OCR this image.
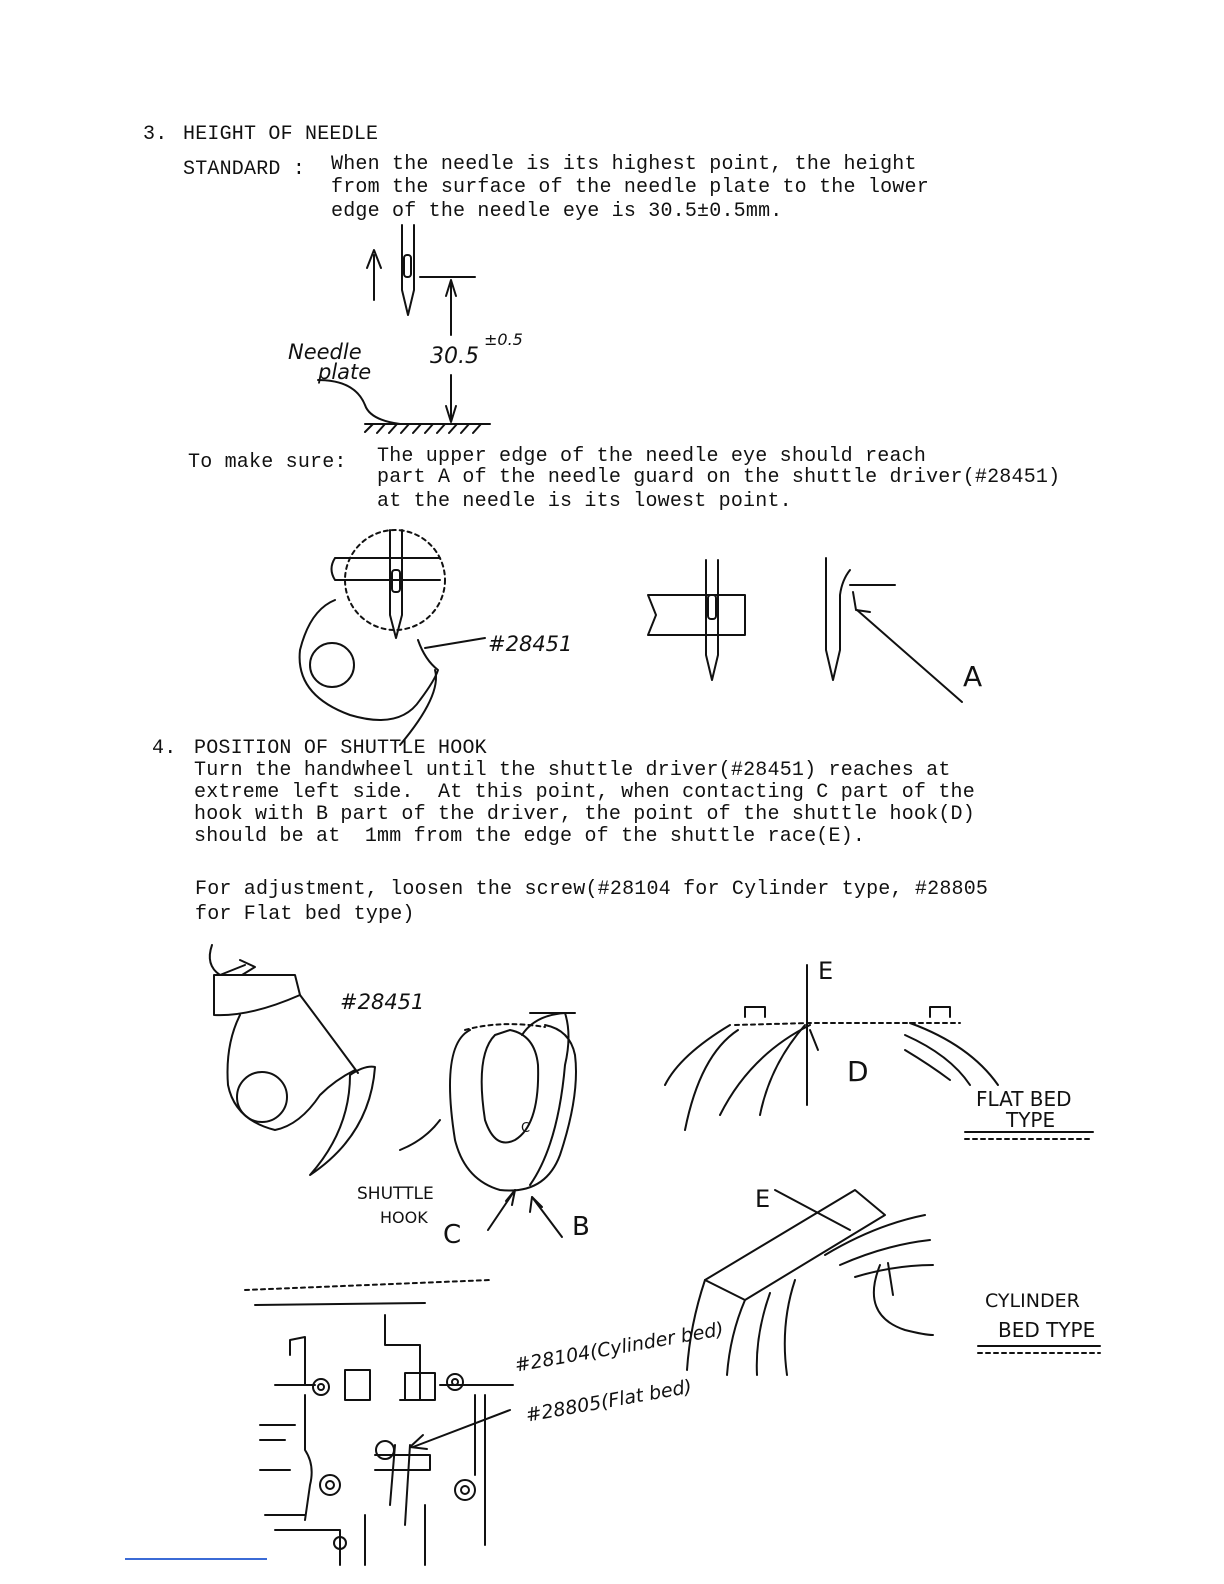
3. HEIGHT OF NEEDLE
STANDARD : When the needle is its highest point, the height
from the surface of the needle plate to the lower
edge of the needle eye is 30.5±0.5mm.
Needle
plate
30.5
±0.5
To make sure: The upper edge of the needle eye should reach
part A of the needle guard on the shuttle driver(#28451)
at the needle is its lowest point.
#28451
A
4. POSITION OF SHUTTLE HOOK
Turn the handwheel until the shuttle driver(#28451) reaches at
extreme left side.  At this point, when contacting C part of the
hook with B part of the driver, the point of the shuttle hook(D)
should be at  1mm from the edge of the shuttle race(E).
For adjustment, loosen the screw(#28104 for Cylinder type, #28805
for Flat bed type)
#28451
SHUTTLE
HOOK
C	B
C
E
D
FLAT BED
TYPE
E
CYLINDER
BED TYPE
#28104(Cylinder bed)
#28805(Flat bed)
